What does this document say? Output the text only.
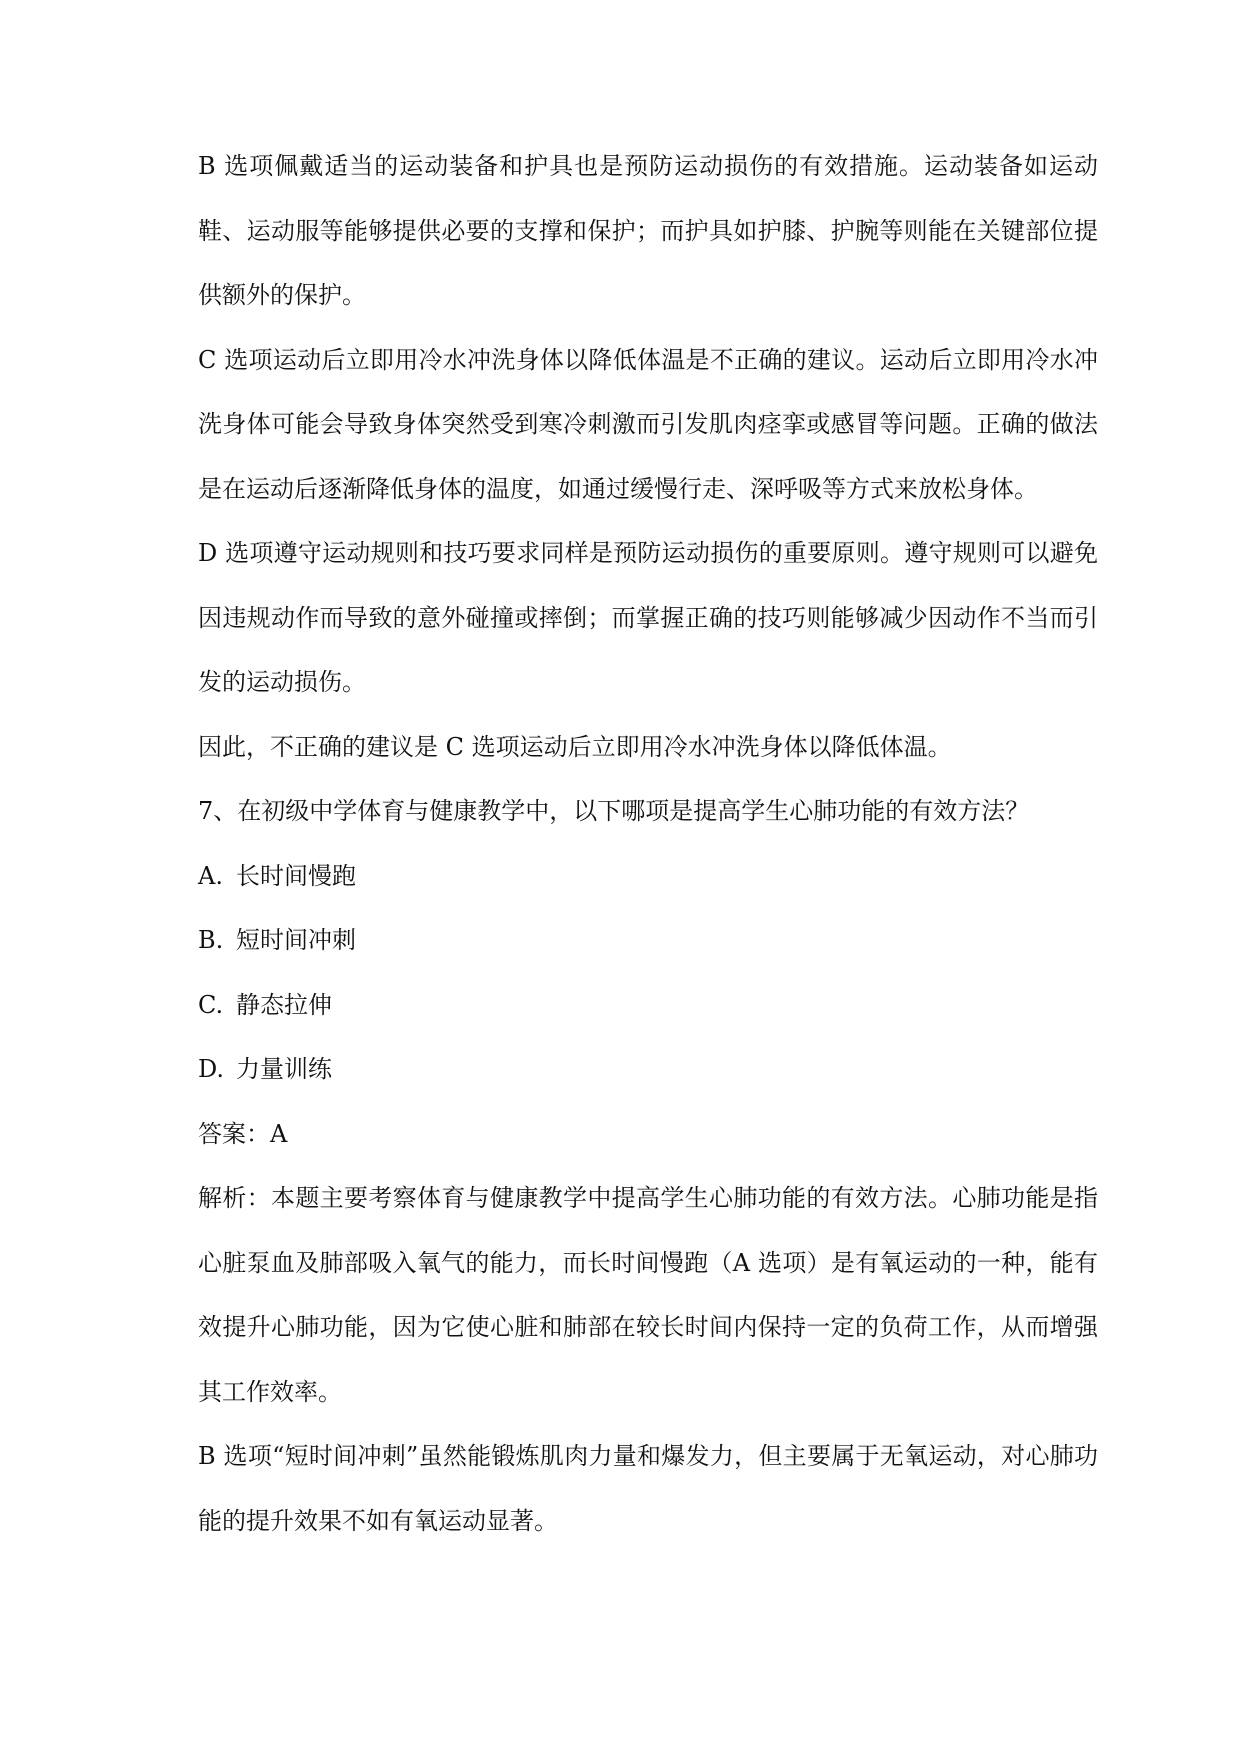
B 选项佩戴适当的运动装备和护具也是预防运动损伤的有效措施。运动装备如运动鞋、运动服等能够提供必要的支撑和保护；而护具如护膝、护腕等则能在关键部位提供额外的保护。

C 选项运动后立即用冷水冲洗身体以降低体温是不正确的建议。运动后立即用冷水冲洗身体可能会导致身体突然受到寒冷刺激而引发肌肉痉挛或感冒等问题。正确的做法是在运动后逐渐降低身体的温度，如通过缓慢行走、深呼吸等方式来放松身体。

D 选项遵守运动规则和技巧要求同样是预防运动损伤的重要原则。遵守规则可以避免因违规动作而导致的意外碰撞或摔倒；而掌握正确的技巧则能够减少因动作不当而引发的运动损伤。

因此，不正确的建议是 C 选项运动后立即用冷水冲洗身体以降低体温。

7、在初级中学体育与健康教学中，以下哪项是提高学生心肺功能的有效方法？

A. 长时间慢跑

B. 短时间冲刺

C. 静态拉伸

D. 力量训练

答案：A

解析：本题主要考察体育与健康教学中提高学生心肺功能的有效方法。心肺功能是指心脏泵血及肺部吸入氧气的能力，而长时间慢跑（A 选项）是有氧运动的一种，能有效提升心肺功能，因为它使心脏和肺部在较长时间内保持一定的负荷工作，从而增强其工作效率。

B 选项“短时间冲刺”虽然能锻炼肌肉力量和爆发力，但主要属于无氧运动，对心肺功能的提升效果不如有氧运动显著。
